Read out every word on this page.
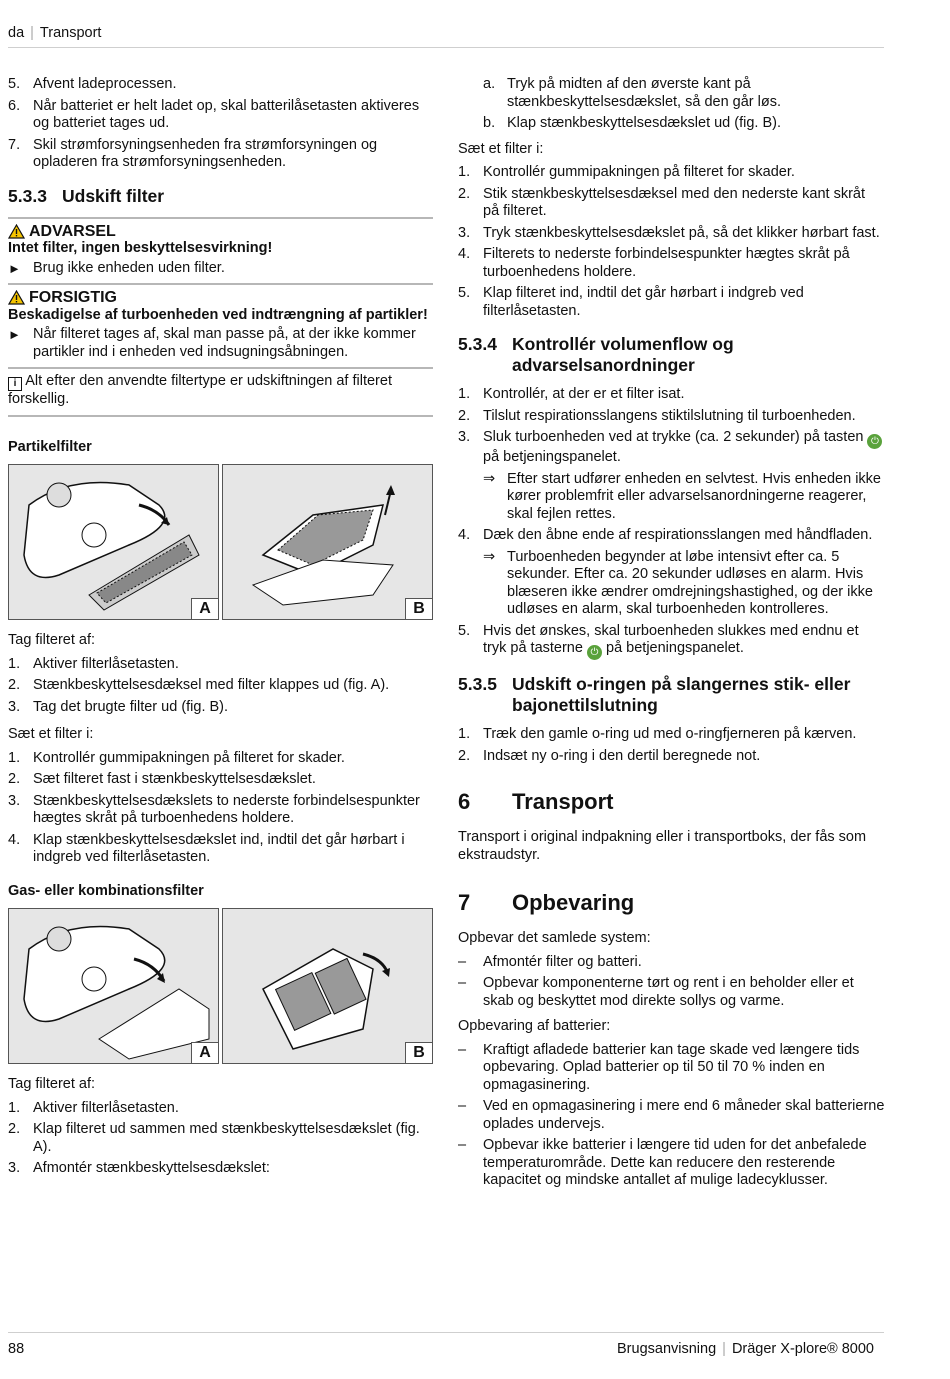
da | Transport
5. Afvent ladeprocessen.
6. Når batteriet er helt ladet op, skal batterilåsetasten aktiveres og batteriet tages ud.
7. Skil strømforsyningsenheden fra strømforsyningen og opladeren fra strømforsyningsenheden.
5.3.3 Udskift filter
ADVARSEL
Intet filter, ingen beskyttelsesvirkning!
► Brug ikke enheden uden filter.
FORSIGTIG
Beskadigelse af turboenheden ved indtrængning af partikler!
► Når filteret tages af, skal man passe på, at der ikke kommer partikler ind i enheden ved indsugningsåbningen.
i Alt efter den anvendte filtertype er udskiftningen af filteret forskellig.
Partikelfilter
A	B
Tag filteret af:
1. Aktiver filterlåsetasten.
2. Stænkbeskyttelsesdæksel med filter klappes ud (fig. A).
3. Tag det brugte filter ud (fig. B).
Sæt et filter i:
1. Kontrollér gummipakningen på filteret for skader.
2. Sæt filteret fast i stænkbeskyttelsesdækslet.
3. Stænkbeskyttelsesdækslets to nederste forbindelsespunkter hægtes skråt på turboenhedens holdere.
4. Klap stænkbeskyttelsesdækslet ind, indtil det går hørbart i indgreb ved filterlåsetasten.
Gas- eller kombinationsfilter
A	B
Tag filteret af:
1. Aktiver filterlåsetasten.
2. Klap filteret ud sammen med stænkbeskyttelsesdækslet (fig. A).
3. Afmontér stænkbeskyttelsesdækslet:
a. Tryk på midten af den øverste kant på stænkbeskyttelsesdækslet, så den går løs.
b. Klap stænkbeskyttelsesdækslet ud (fig. B).
Sæt et filter i:
1. Kontrollér gummipakningen på filteret for skader.
2. Stik stænkbeskyttelsesdæksel med den nederste kant skråt på filteret.
3. Tryk stænkbeskyttelsesdækslet på, så det klikker hørbart fast.
4. Filterets to nederste forbindelsespunkter hægtes skråt på turboenhedens holdere.
5. Klap filteret ind, indtil det går hørbart i indgreb ved filterlåsetasten.
5.3.4 Kontrollér volumenflow og advarselsanordninger
1. Kontrollér, at der er et filter isat.
2. Tilslut respirationsslangens stiktilslutning til turboenheden.
3. Sluk turboenheden ved at trykke (ca. 2 sekunder) på tasten ⏻ på betjeningspanelet.
⇒ Efter start udfører enheden en selvtest. Hvis enheden ikke kører problemfrit eller advarselsanordningerne reagerer, skal fejlen rettes.
4. Dæk den åbne ende af respirationsslangen med håndfladen.
⇒ Turboenheden begynder at løbe intensivt efter ca. 5 sekunder. Efter ca. 20 sekunder udløses en alarm. Hvis blæseren ikke ændrer omdrejningshastighed, og der ikke udløses en alarm, skal turboenheden kontrolleres.
5. Hvis det ønskes, skal turboenheden slukkes med endnu et tryk på tasterne ⏻ på betjeningspanelet.
5.3.5 Udskift o-ringen på slangernes stik- eller bajonettilslutning
1. Træk den gamle o-ring ud med o-ringfjerneren på kærven.
2. Indsæt ny o-ring i den dertil beregnede not.
6 Transport
Transport i original indpakning eller i transportboks, der fås som ekstraudstyr.
7 Opbevaring
Opbevar det samlede system:
– Afmontér filter og batteri.
– Opbevar komponenterne tørt og rent i en beholder eller et skab og beskyttet mod direkte sollys og varme.
Opbevaring af batterier:
– Kraftigt afladede batterier kan tage skade ved længere tids opbevaring. Oplad batterier op til 50 til 70 % inden en opmagasinering.
– Ved en opmagasinering i mere end 6 måneder skal batterierne oplades undervejs.
– Opbevar ikke batterier i længere tid uden for det anbefalede temperaturområde. Dette kan reducere den resterende kapacitet og mindske antallet af mulige ladecyklusser.
88	Brugsanvisning | Dräger X-plore® 8000
